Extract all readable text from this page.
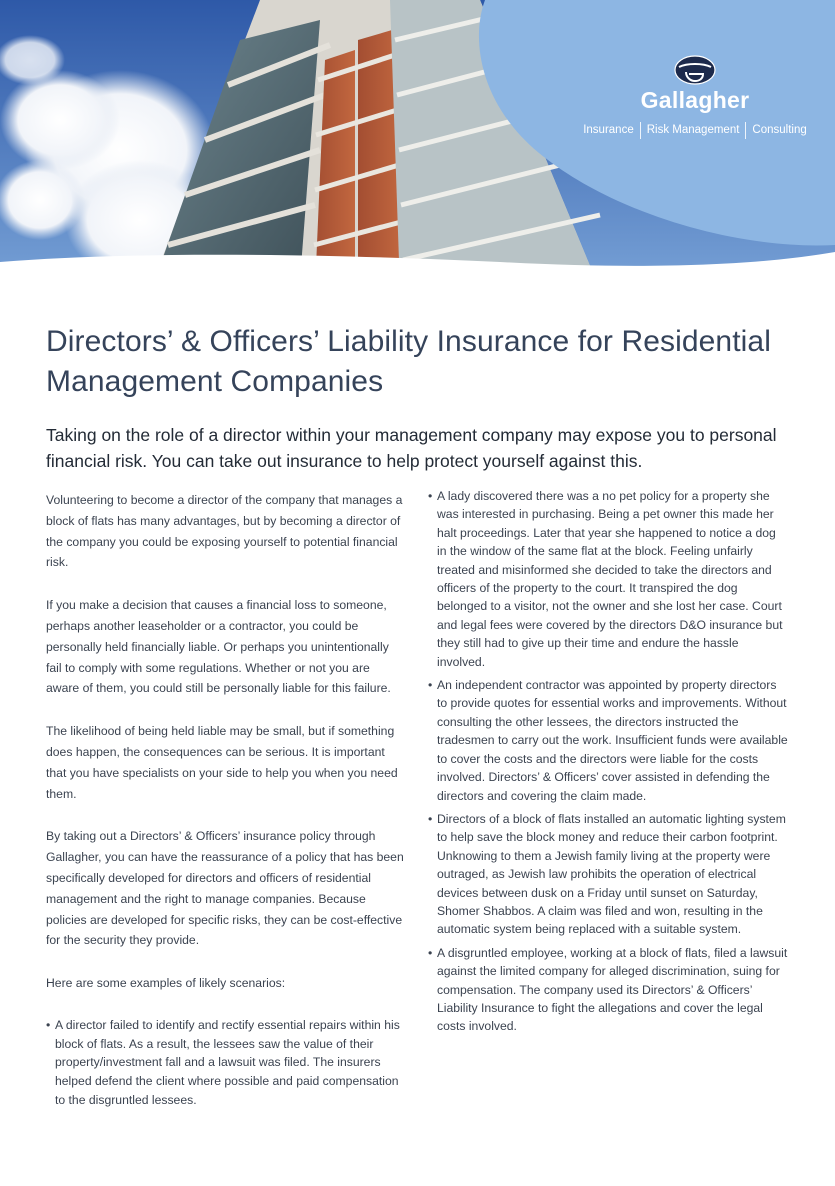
Gallagher
Insurance	Risk Management	Consulting
Directors’ & Officers’ Liability Insurance for Residential Management Companies

Taking on the role of a director within your management company may expose you to personal financial risk. You can take out insurance to help protect yourself against this.

Volunteering to become a director of the company that manages a block of flats has many advantages, but by becoming a director of the company you could be exposing yourself to potential financial risk.

If you make a decision that causes a financial loss to someone, perhaps another leaseholder or a contractor, you could be personally held financially liable. Or perhaps you unintentionally fail to comply with some regulations. Whether or not you are aware of them, you could still be personally liable for this failure.

The likelihood of being held liable may be small, but if something does happen, the consequences can be serious. It is important that you have specialists on your side to help you when you need them.

By taking out a Directors’ & Officers’ insurance policy through Gallagher, you can have the reassurance of a policy that has been specifically developed for directors and officers of residential management and the right to manage companies. Because policies are developed for specific risks, they can be cost-effective for the security they provide.

Here are some examples of likely scenarios:

• A director failed to identify and rectify essential repairs within his block of flats. As a result, the lessees saw the value of their property/investment fall and a lawsuit was filed. The insurers helped defend the client where possible and paid compensation to the disgruntled lessees.
• A lady discovered there was a no pet policy for a property she was interested in purchasing. Being a pet owner this made her halt proceedings. Later that year she happened to notice a dog in the window of the same flat at the block. Feeling unfairly treated and misinformed she decided to take the directors and officers of the property to the court. It transpired the dog belonged to a visitor, not the owner and she lost her case. Court and legal fees were covered by the directors D&O insurance but they still had to give up their time and endure the hassle involved.
• An independent contractor was appointed by property directors to provide quotes for essential works and improvements. Without consulting the other lessees, the directors instructed the tradesmen to carry out the work. Insufficient funds were available to cover the costs and the directors were liable for the costs involved. Directors’ & Officers’ cover assisted in defending the directors and covering the claim made.
• Directors of a block of flats installed an automatic lighting system to help save the block money and reduce their carbon footprint. Unknowing to them a Jewish family living at the property were outraged, as Jewish law prohibits the operation of electrical devices between dusk on a Friday until sunset on Saturday, Shomer Shabbos. A claim was filed and won, resulting in the automatic system being replaced with a suitable system.
• A disgruntled employee, working at a block of flats, filed a lawsuit against the limited company for alleged discrimination, suing for compensation. The company used its Directors’ & Officers’ Liability Insurance to fight the allegations and cover the legal costs involved.
